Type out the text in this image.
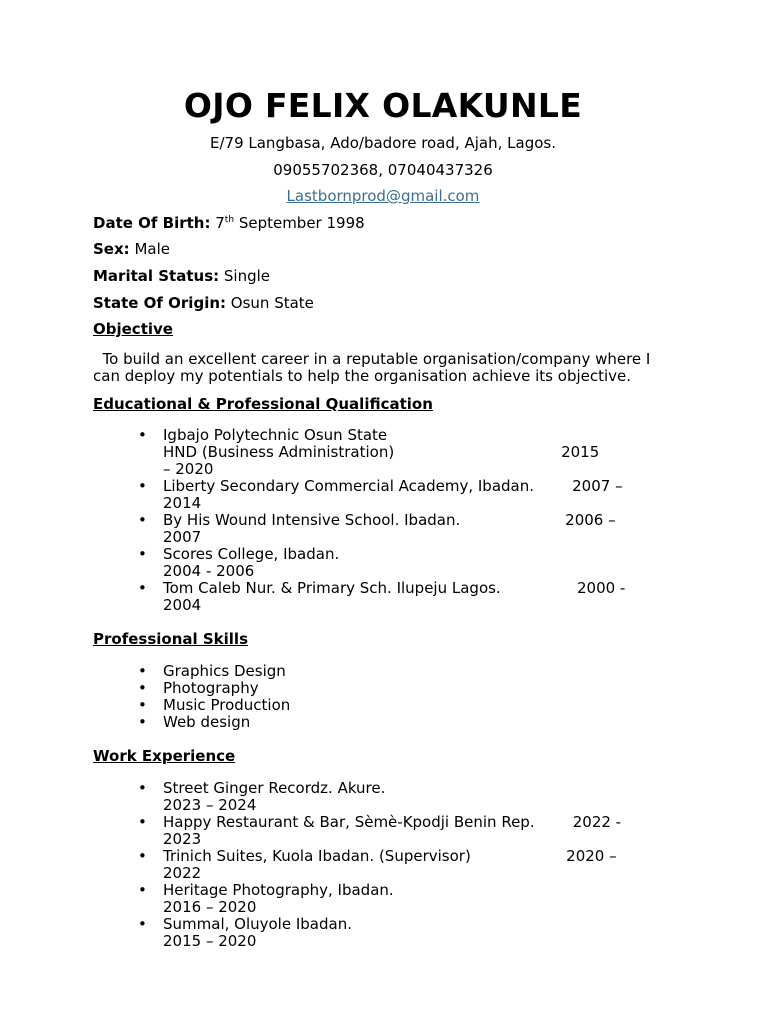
OJO FELIX OLAKUNLE

E/79 Langbasa, Ado/badore road, Ajah, Lagos.

09055702368, 07040437326

Lastbornprod@gmail.com

Date Of Birth: 7th September 1998

Sex: Male

Marital Status: Single

State Of Origin: Osun State

Objective

To build an excellent career in a reputable organisation/company where I can deploy my potentials to help the organisation achieve its objective.

Educational & Professional Qualification

• Igbajo Polytechnic Osun State
HND (Business Administration)                                   2015
– 2020
• Liberty Secondary Commercial Academy, Ibadan.        2007 –
2014
• By His Wound Intensive School. Ibadan.                      2006 –
2007
• Scores College, Ibadan.
2004 - 2006
• Tom Caleb Nur. & Primary Sch. Ilupeju Lagos.                2000 -
2004

Professional Skills

• Graphics Design
• Photography
• Music Production
• Web design

Work Experience

• Street Ginger Recordz. Akure.
2023 – 2024
• Happy Restaurant & Bar, Sèmè-Kpodji Benin Rep.        2022 -
2023
• Trinich Suites, Kuola Ibadan. (Supervisor)                    2020 –
2022
• Heritage Photography, Ibadan.
2016 – 2020
• Summal, Oluyole Ibadan.
2015 – 2020
